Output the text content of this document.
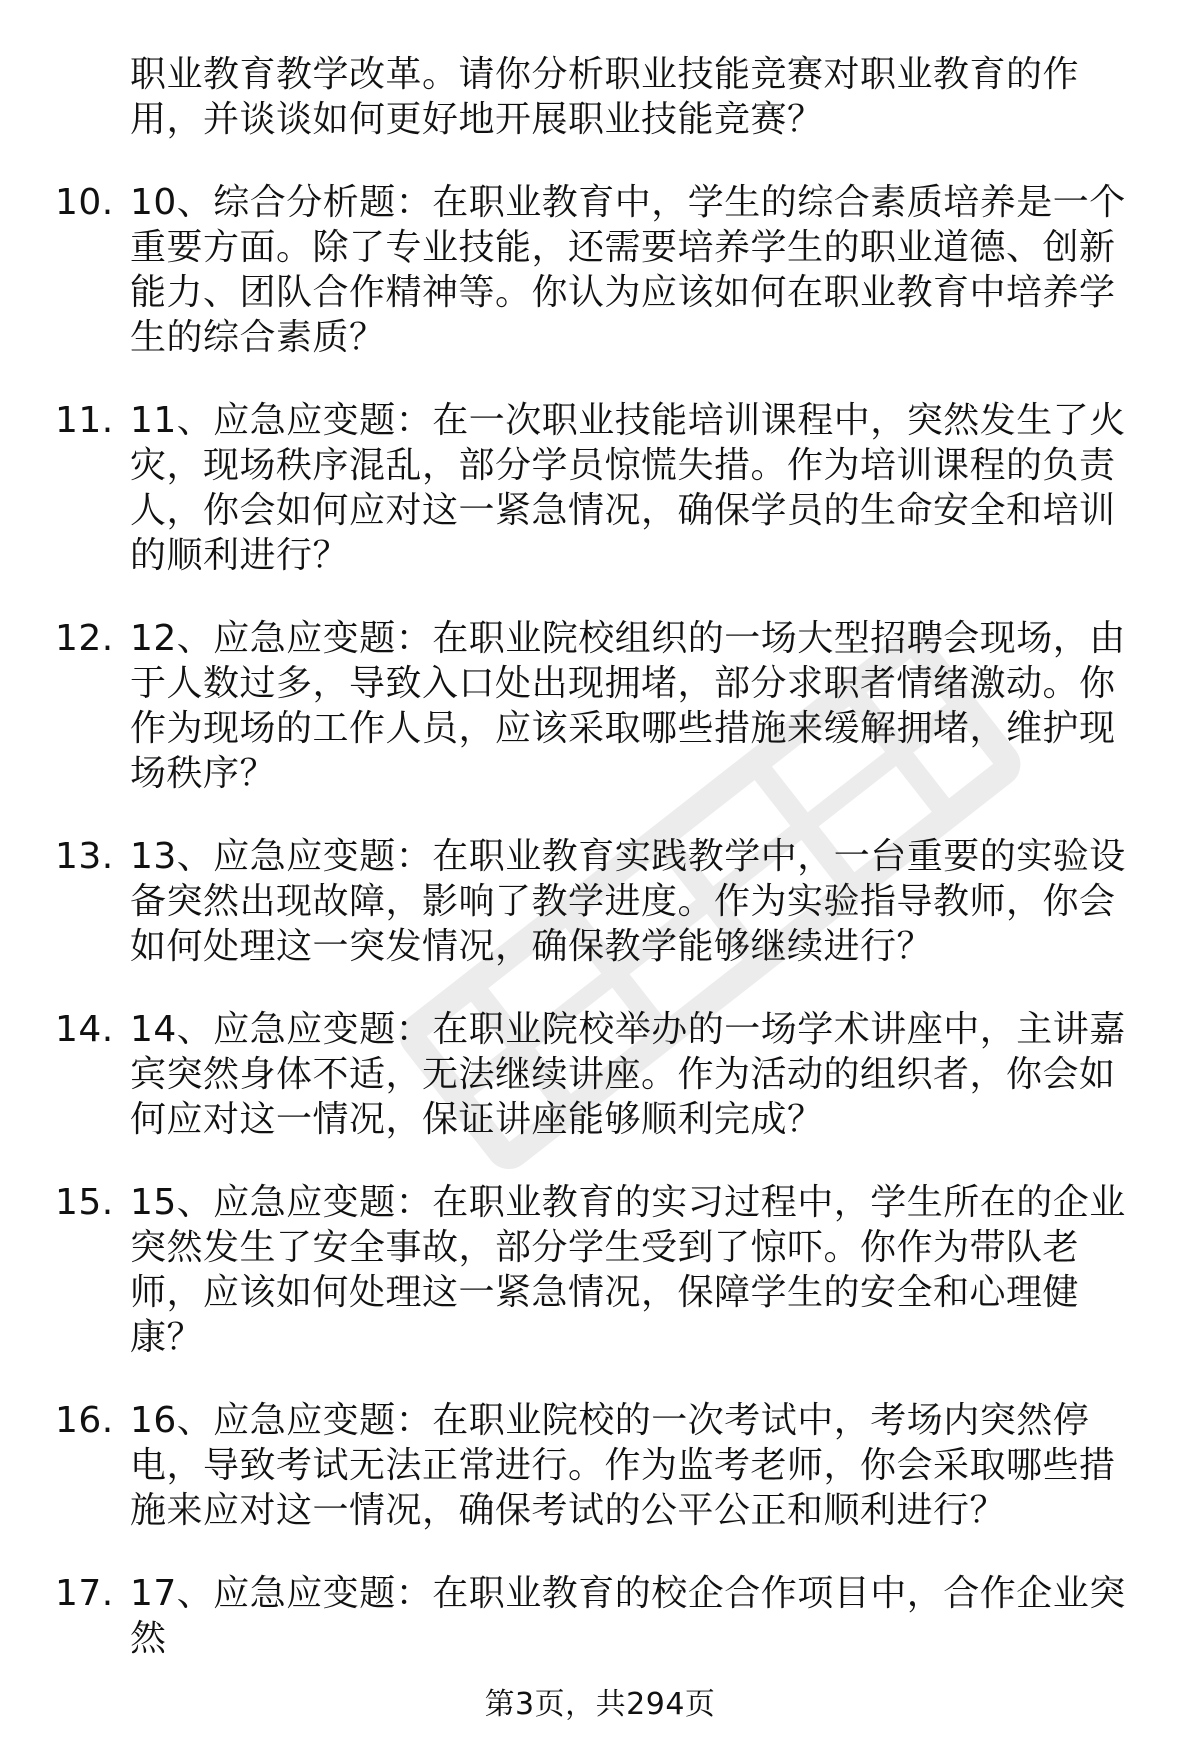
职业教育教学改革。请你分析职业技能竞赛对职业教育的作用，并谈谈如何更好地开展职业技能竞赛？
10. 10、综合分析题：在职业教育中，学生的综合素质培养是一个重要方面。除了专业技能，还需要培养学生的职业道德、创新能力、团队合作精神等。你认为应该如何在职业教育中培养学生的综合素质？
11. 11、应急应变题：在一次职业技能培训课程中，突然发生了火灾，现场秩序混乱，部分学员惊慌失措。作为培训课程的负责人，你会如何应对这一紧急情况，确保学员的生命安全和培训的顺利进行？
12. 12、应急应变题：在职业院校组织的一场大型招聘会现场，由于人数过多，导致入口处出现拥堵，部分求职者情绪激动。你作为现场的工作人员，应该采取哪些措施来缓解拥堵，维护现场秩序？
13. 13、应急应变题：在职业教育实践教学中，一台重要的实验设备突然出现故障，影响了教学进度。作为实验指导教师，你会如何处理这一突发情况，确保教学能够继续进行？
14. 14、应急应变题：在职业院校举办的一场学术讲座中，主讲嘉宾突然身体不适，无法继续讲座。作为活动的组织者，你会如何应对这一情况，保证讲座能够顺利完成？
15. 15、应急应变题：在职业教育的实习过程中，学生所在的企业突然发生了安全事故，部分学生受到了惊吓。你作为带队老师，应该如何处理这一紧急情况，保障学生的安全和心理健康？
16. 16、应急应变题：在职业院校的一次考试中，考场内突然停电，导致考试无法正常进行。作为监考老师，你会采取哪些措施来应对这一情况，确保考试的公平公正和顺利进行？
17. 17、应急应变题：在职业教育的校企合作项目中，合作企业突然
第3页，共294页
